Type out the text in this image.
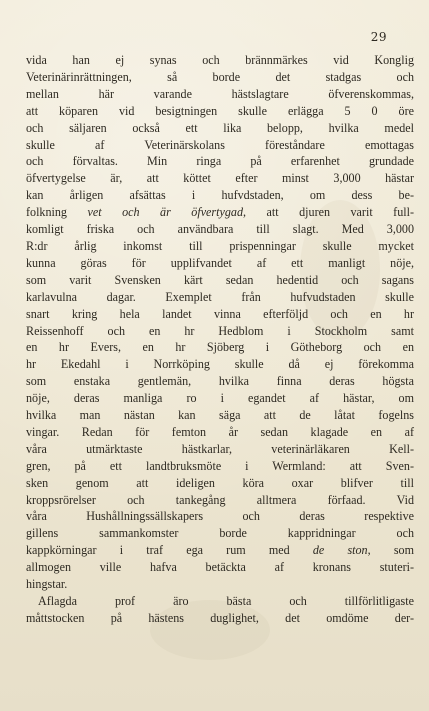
29
vida han ej synas och brännmärkes vid Konglig
Veterinärinrättningen, så borde det stadgas och
mellan här varande hästslagtare öfverenskommas,
att köparen vid besigtningen skulle erlägga 5 0 öre
och säljaren också ett lika belopp, hvilka medel
skulle af Veterinärskolans föreståndare emottagas
och förvaltas. Min ringa på erfarenhet grundade
öfvertygelse är, att köttet efter minst 3,000 hästar
kan årligen afsättas i hufvdstaden, om dess be-
folkning vet och är öfvertygad, att djuren varit full-
komligt friska och användbara till slagt. Med 3,000
R:dr årlig inkomst till prispenningar skulle mycket
kunna göras för upplifvandet af ett manligt nöje,
som varit Svensken kärt sedan hedentid och sagans
karlavulna dagar. Exemplet från hufvudstaden skulle
snart kring hela landet vinna efterföljd och en hr
Reissenhoff och en hr Hedblom i Stockholm samt
en hr Evers, en hr Sjöberg i Götheborg och en
hr Ekedahl i Norrköping skulle då ej förekomma
som enstaka gentlemän, hvilka finna deras högsta
nöje, deras manliga ro i egandet af hästar, om
hvilka man nästan kan säga att de låtat fogelns
vingar. Redan för femton år sedan klagade en af
våra utmärktaste hästkarlar, veterinärläkaren Kell-
gren, på ett landtbruksmöte i Wermland: att Sven-
sken genom att ideligen köra oxar blifver till
kroppsrörelser och tankegång alltmera förfaad. Vid
våra Hushållningssällskapers och deras respektive
gillens sammankomster borde kappridningar och
kappkörningar i traf ega rum med de ston, som
allmogen ville hafva betäckta af kronans stuteri-
hingstar.
Aflagda prof äro bästa och tillförlitligaste
måttstocken på hästens duglighet, det omdöme der-
